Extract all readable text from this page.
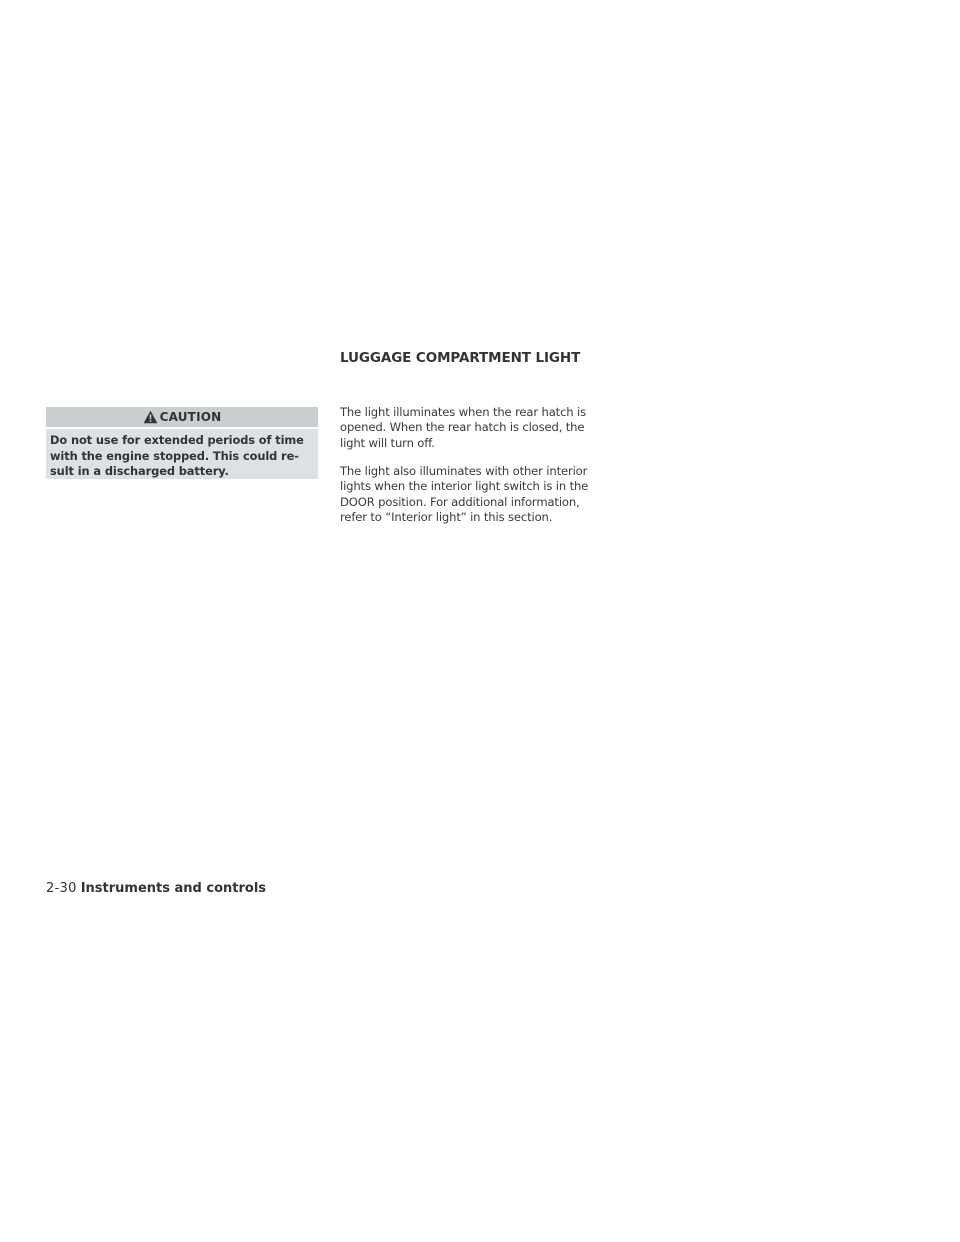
CAUTION
Do not use for extended periods of time
with the engine stopped. This could re-
sult in a discharged battery.
LUGGAGE COMPARTMENT LIGHT

The light illuminates when the rear hatch is
opened. When the rear hatch is closed, the
light will turn off.

The light also illuminates with other interior
lights when the interior light switch is in the
DOOR position. For additional information,
refer to “Interior light” in this section.

2-30 Instruments and controls
